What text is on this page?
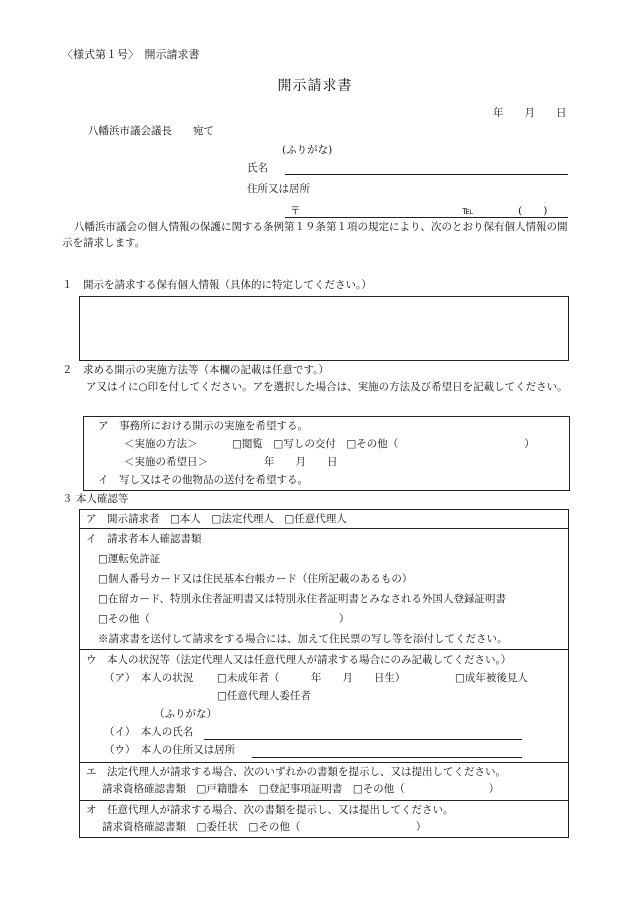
〈様式第１号〉　開示請求書
開示請求書
年　　月　　日
八幡浜市議会議長　　宛て
(ふりがな)
氏名
住所又は居所
〒	℡	(　　)
八幡浜市議会の個人情報の保護に関する条例第１９条第１項の規定により、次のとおり保有個人情報の開示を請求します。
１　開示を請求する保有個人情報（具体的に特定してください。）
２　求める開示の実施方法等（本欄の記載は任意です。）
ア又はイに○印を付してください。アを選択した場合は、実施の方法及び希望日を記載してください。
ア　事務所における開示の実施を希望する。
＜実施の方法＞	□閲覧　□写しの交付　□その他（　　　　　　　　　　　　）
＜実施の希望日＞	年　　月　　日
イ　写し又はその他物品の送付を希望する。
３ 本人確認等
ア　開示請求者　□本人　□法定代理人　□任意代理人
イ　請求者本人確認書類
□運転免許証
□個人番号カード又は住民基本台帳カード（住所記載のあるもの）
□在留カード、特別永住者証明書又は特別永住者証明書とみなされる外国人登録証明書
□その他（　　　　　　　　　　　　　　　　　　）
※請求書を送付して請求をする場合には、加えて住民票の写し等を添付してください。
ウ　本人の状況等（法定代理人又は任意代理人が請求する場合にのみ記載してください。）
（ア）　本人の状況 □未成年者（　　　年　　月　　日生）	□成年被後見人
□任意代理人委任者
（ふりがな）
（イ）　本人の氏名
（ウ）　本人の住所又は居所
エ　法定代理人が請求する場合、次のいずれかの書類を提示し、又は提出してください。
請求資格確認書類　□戸籍謄本　□登記事項証明書　□その他（　　　　　　　　）
オ　任意代理人が請求する場合、次の書類を提示し、又は提出してください。
請求資格確認書類　□委任状　□その他（　　　　　　　　　　　）
